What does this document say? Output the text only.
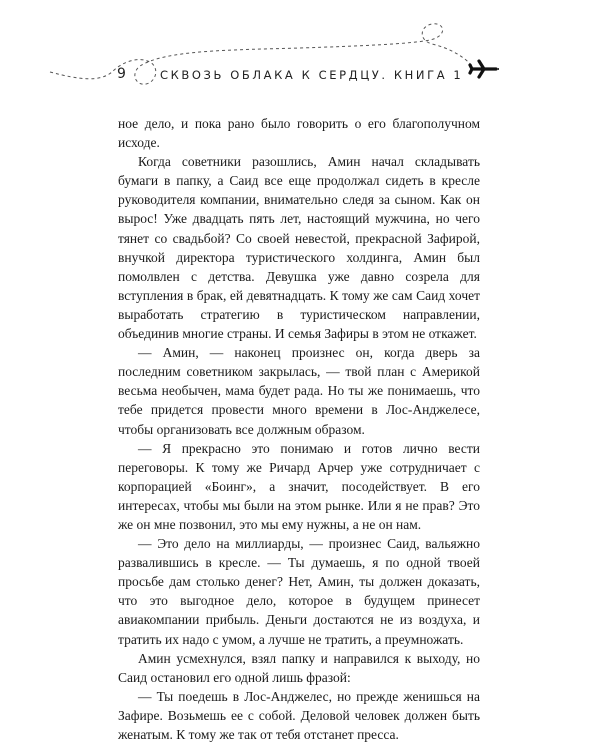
9	СКВОЗЬ ОБЛАКА К СЕРДЦУ. КНИГА 1

ное дело, и пока рано было говорить о его благополучном исходе.

Когда советники разошлись, Амин начал складывать бумаги в папку, а Саид все еще продолжал сидеть в кресле руководителя компании, внимательно следя за сыном. Как он вырос! Уже двадцать пять лет, настоящий мужчина, но чего тянет со свадьбой? Со своей невестой, прекрасной Зафирой, внучкой директора туристического холдинга, Амин был помолвлен с детства. Девушка уже давно созрела для вступления в брак, ей девятнадцать. К тому же сам Саид хочет выработать стратегию в туристическом направлении, объединив многие страны. И семья Зафиры в этом не откажет.

— Амин, — наконец произнес он, когда дверь за последним советником закрылась, — твой план с Америкой весьма необычен, мама будет рада. Но ты же понимаешь, что тебе придется провести много времени в Лос-Анджелесе, чтобы организовать все должным образом.

— Я прекрасно это понимаю и готов лично вести переговоры. К тому же Ричард Арчер уже сотрудничает с корпорацией «Боинг», а значит, посодействует. В его интересах, чтобы мы были на этом рынке. Или я не прав? Это же он мне позвонил, это мы ему нужны, а не он нам.

— Это дело на миллиарды, — произнес Саид, вальяжно развалившись в кресле. — Ты думаешь, я по одной твоей просьбе дам столько денег? Нет, Амин, ты должен доказать, что это выгодное дело, которое в будущем принесет авиакомпании прибыль. Деньги достаются не из воздуха, и тратить их надо с умом, а лучше не тратить, а преумножать.

Амин усмехнулся, взял папку и направился к выходу, но Саид остановил его одной лишь фразой:

— Ты поедешь в Лос-Анджелес, но прежде женишься на Зафире. Возьмешь ее с собой. Деловой человек должен быть женатым. К тому же так от тебя отстанет пресса.
